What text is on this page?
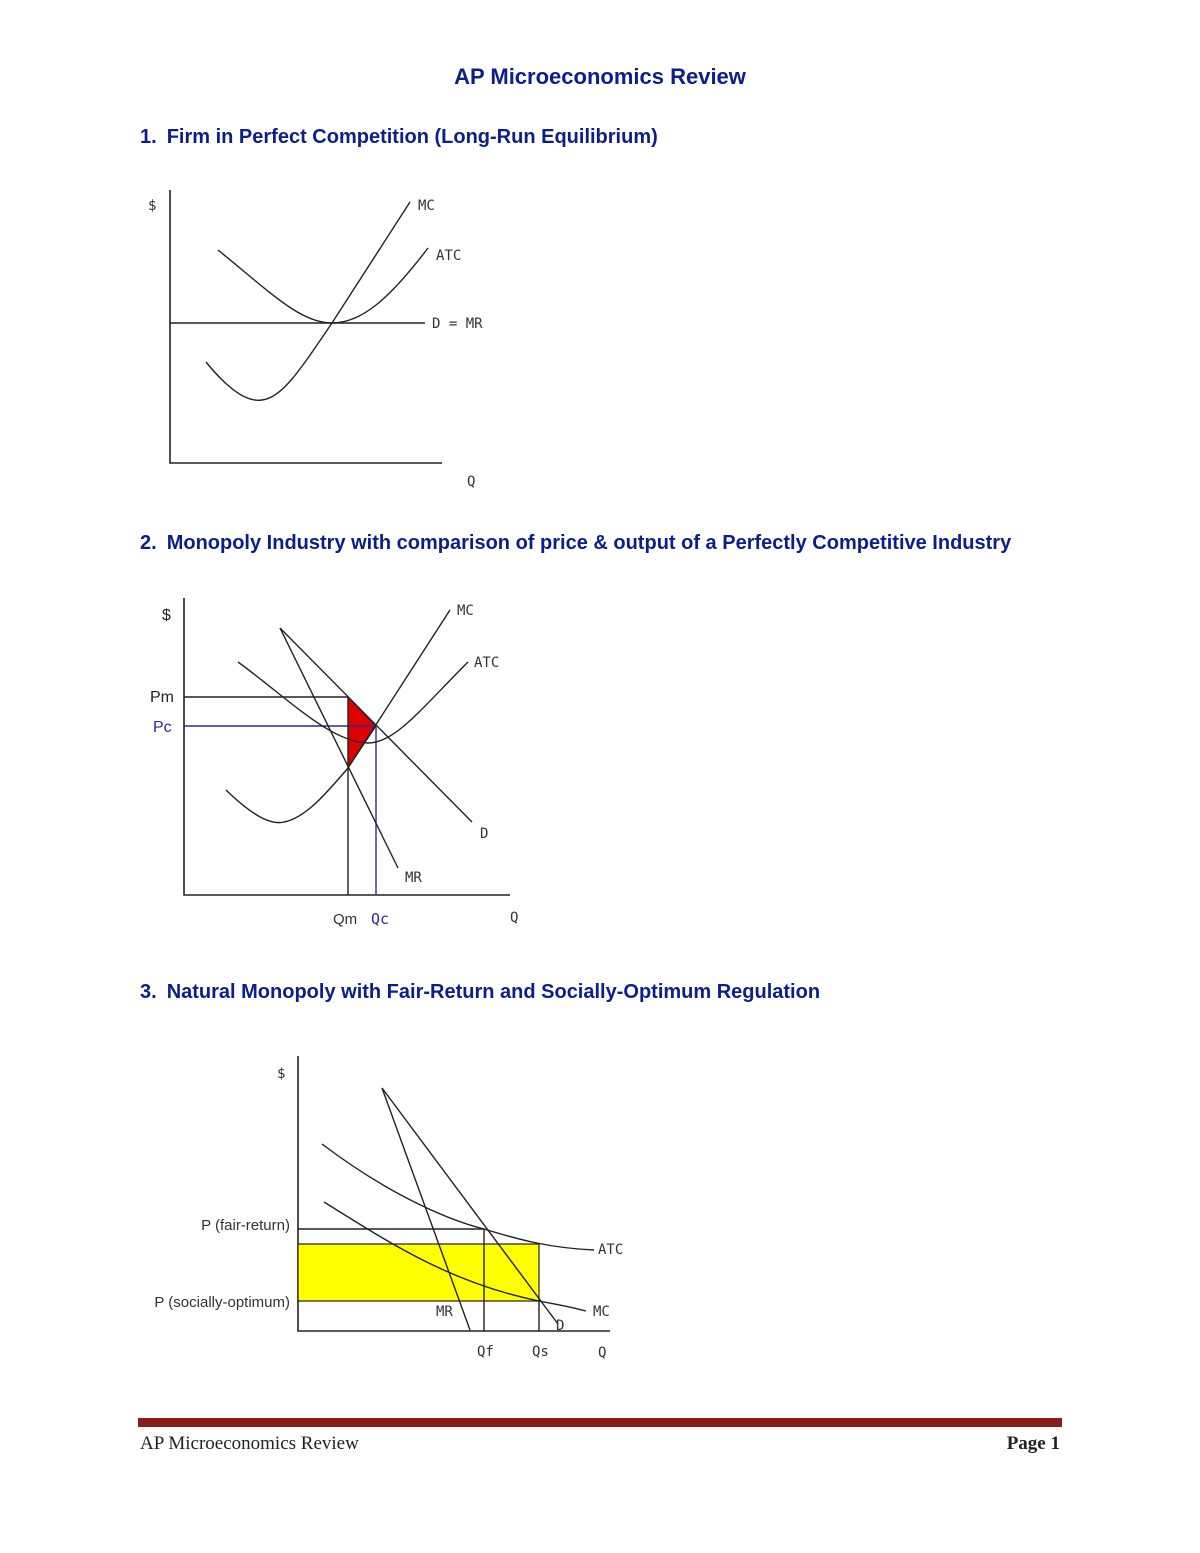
AP Microeconomics Review
1. Firm in Perfect Competition (Long-Run Equilibrium)
$
Q
D = MR
ATC
MC
2. Monopoly Industry with comparison of price & output of a Perfectly Competitive Industry
$
Q
Pm
Pc
Qm Qc
D
MR
ATC
MC
3. Natural Monopoly with Fair-Return and Socially-Optimum Regulation
$
Q
P (fair-return)
P (socially-optimum)
Qf	Qs
ATC
MC
D
MR
AP Microeconomics Review	Page 1
